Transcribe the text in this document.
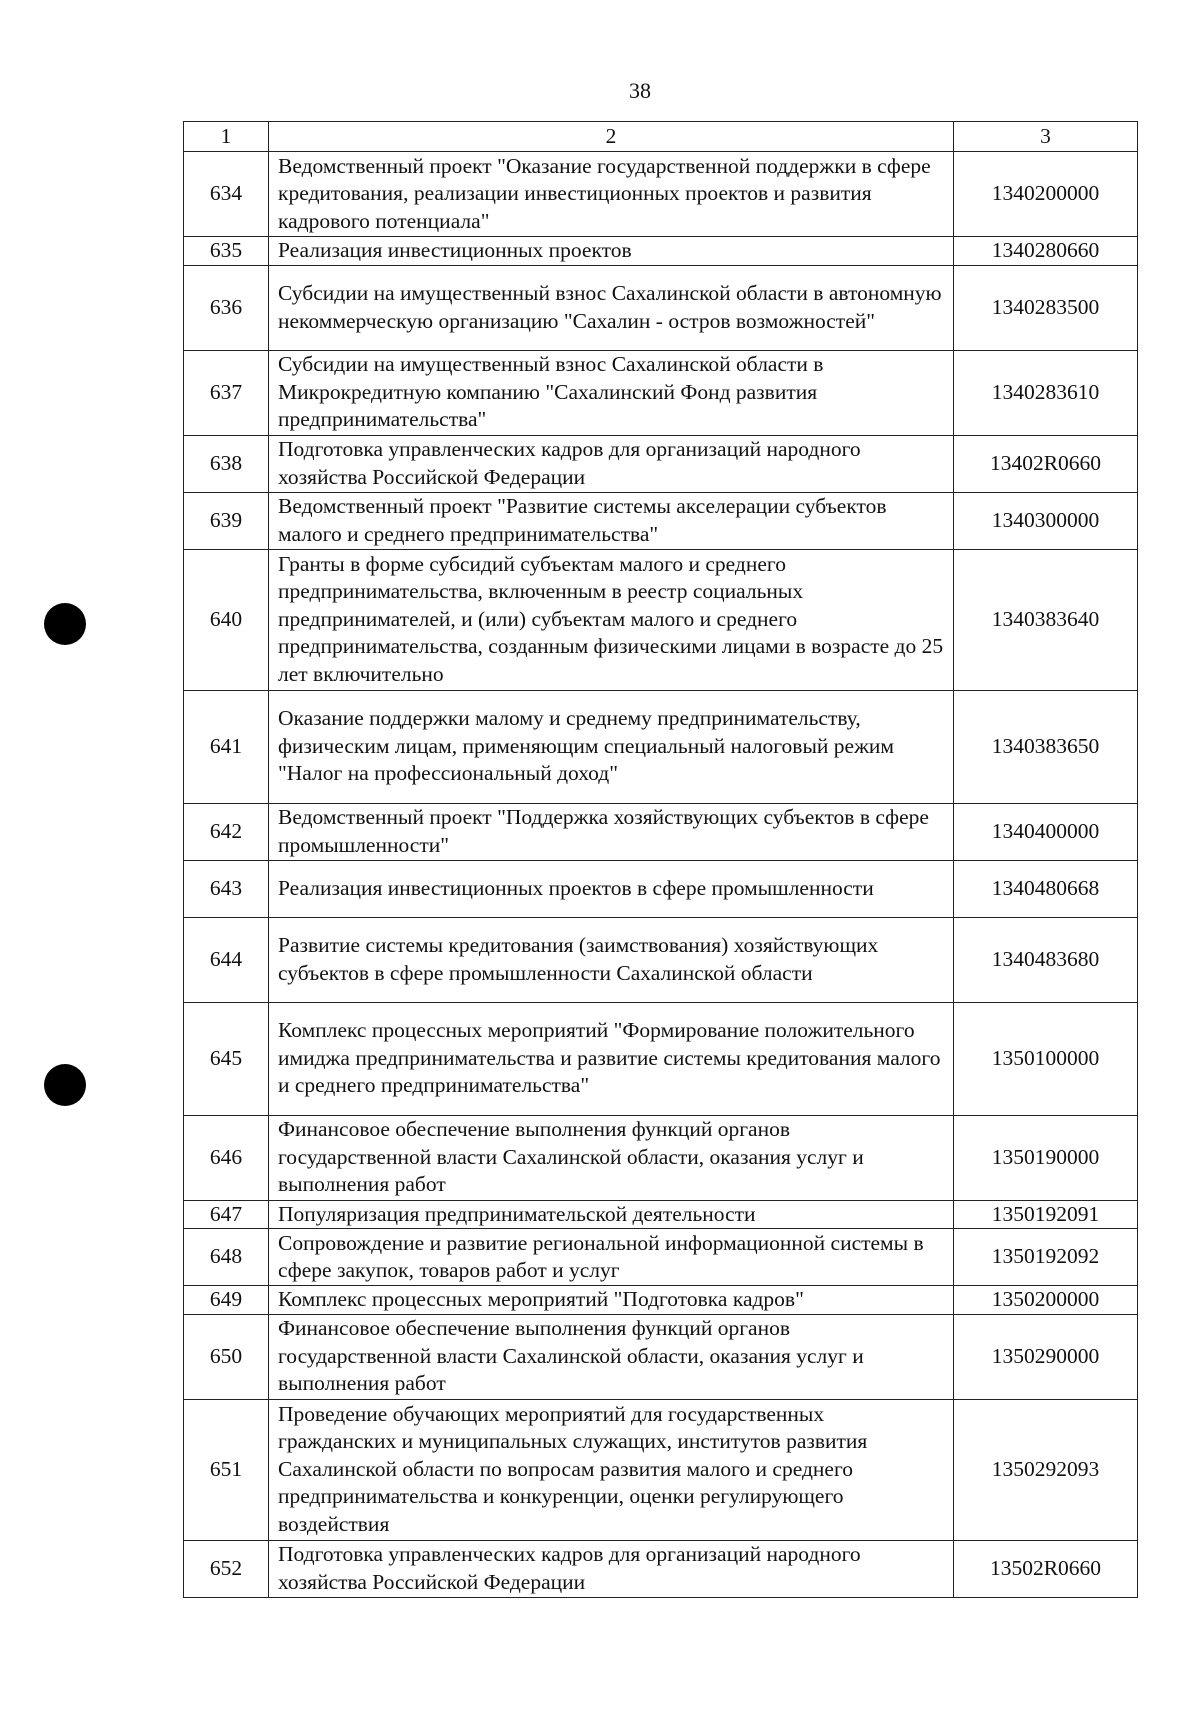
38
1	2	3
634	Ведомственный проект "Оказание государственной поддержки в сфере кредитования, реализации инвестиционных проектов и развития кадрового потенциала"	1340200000
635	Реализация инвестиционных проектов	1340280660
636	Субсидии на имущественный взнос Сахалинской области в автономную некоммерческую организацию "Сахалин - остров возможностей"	1340283500
637	Субсидии на имущественный взнос Сахалинской области в Микрокредитную компанию "Сахалинский Фонд развития предпринимательства"	1340283610
638	Подготовка управленческих кадров для организаций народного хозяйства Российской Федерации	13402R0660
639	Ведомственный проект "Развитие системы акселерации субъектов малого и среднего предпринимательства"	1340300000
640	Гранты в форме субсидий субъектам малого и среднего предпринимательства, включенным в реестр социальных предпринимателей, и (или) субъектам малого и среднего предпринимательства, созданным физическими лицами в возрасте до 25 лет включительно	1340383640
641	Оказание поддержки малому и среднему предпринимательству, физическим лицам, применяющим специальный налоговый режим "Налог на профессиональный доход"	1340383650
642	Ведомственный проект "Поддержка хозяйствующих субъектов в сфере промышленности"	1340400000
643	Реализация инвестиционных проектов в сфере промышленности	1340480668
644	Развитие системы кредитования (заимствования) хозяйствующих субъектов в сфере промышленности Сахалинской области	1340483680
645	Комплекс процессных мероприятий "Формирование положительного имиджа предпринимательства и развитие системы кредитования малого и среднего предпринимательства"	1350100000
646	Финансовое обеспечение выполнения функций органов государственной власти Сахалинской области, оказания услуг и выполнения работ	1350190000
647	Популяризация предпринимательской деятельности	1350192091
648	Сопровождение и развитие региональной информационной системы в сфере закупок, товаров работ и услуг	1350192092
649	Комплекс процессных мероприятий "Подготовка кадров"	1350200000
650	Финансовое обеспечение выполнения функций органов государственной власти Сахалинской области, оказания услуг и выполнения работ	1350290000
651	Проведение обучающих мероприятий для государственных гражданских и муниципальных служащих, институтов развития Сахалинской области по вопросам развития малого и среднего предпринимательства и конкуренции, оценки регулирующего воздействия	1350292093
652	Подготовка управленческих кадров для организаций народного хозяйства Российской Федерации	13502R0660
